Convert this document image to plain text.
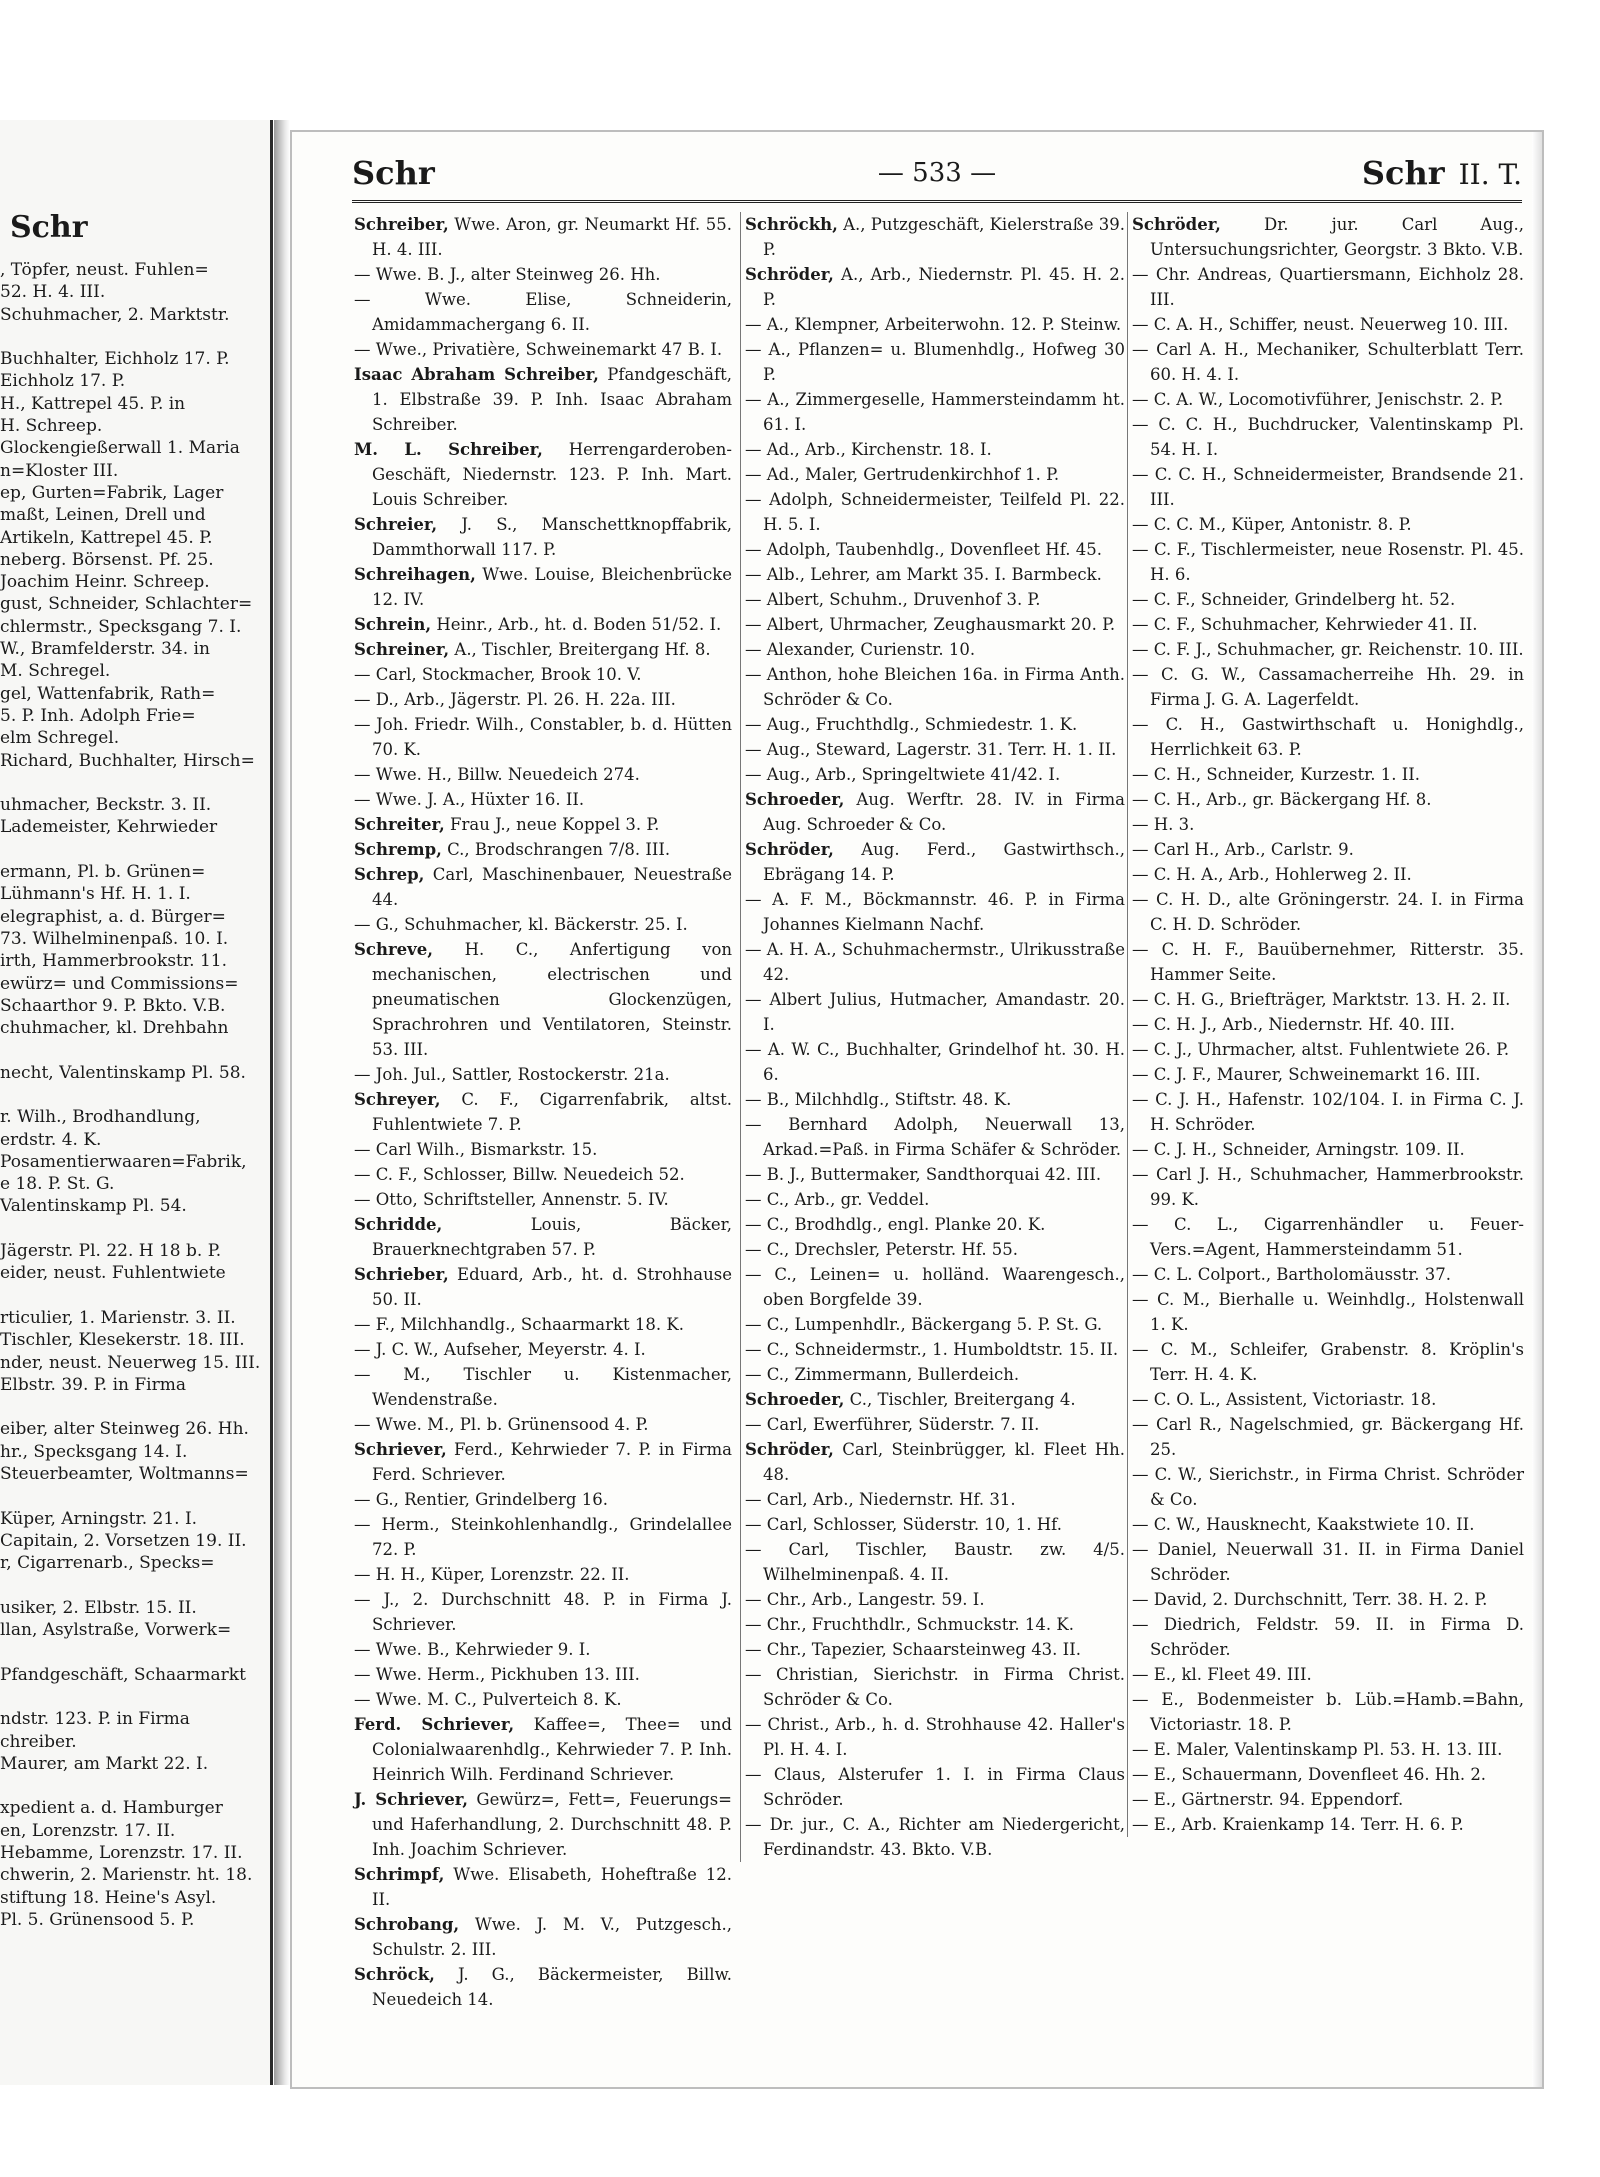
Schr
, Töpfer, neust. Fuhlen=
52. H. 4. III.
Schuhmacher, 2. Marktstr.

Buchhalter, Eichholz 17. P.
Eichholz 17. P.
H., Kattrepel 45. P. in
H. Schreep.
Glockengießerwall 1. Maria
n=Kloster III.
ep, Gurten=Fabrik, Lager
maßt, Leinen, Drell und
Artikeln, Kattrepel 45. P.
neberg. Börsenst. Pf. 25.
Joachim Heinr. Schreep.
gust, Schneider, Schlachter=
chlermstr., Specksgang 7. I.
W., Bramfelderstr. 34. in
M. Schregel.
gel, Wattenfabrik, Rath=
5. P. Inh. Adolph Frie=
elm Schregel.
Richard, Buchhalter, Hirsch=

uhmacher, Beckstr. 3. II.
Lademeister, Kehrwieder

ermann, Pl. b. Grünen=
Lühmann's Hf. H. 1. I.
elegraphist, a. d. Bürger=
73. Wilhelminenpaß. 10. I.
irth, Hammerbrookstr. 11.
ewürz= und Commissions=
Schaarthor 9. P. Bkto. V.B.
chuhmacher, kl. Drehbahn

necht, Valentinskamp Pl. 58.

r. Wilh., Brodhandlung,
erdstr. 4. K.
Posamentierwaaren=Fabrik,
e 18. P. St. G.
Valentinskamp Pl. 54.

Jägerstr. Pl. 22. H 18 b. P.
eider, neust. Fuhlentwiete

rticulier, 1. Marienstr. 3. II.
Tischler, Klesekerstr. 18. III.
nder, neust. Neuerweg 15. III.
Elbstr. 39. P. in Firma

eiber, alter Steinweg 26. Hh.
hr., Specksgang 14. I.
Steuerbeamter, Woltmanns=

Küper, Arningstr. 21. I.
Capitain, 2. Vorsetzen 19. II.
r, Cigarrenarb., Specks=

usiker, 2. Elbstr. 15. II.
llan, Asylstraße, Vorwerk=

Pfandgeschäft, Schaarmarkt

ndstr. 123. P. in Firma
chreiber.
Maurer, am Markt 22. I.

xpedient a. d. Hamburger
en, Lorenzstr. 17. II.
Hebamme, Lorenzstr. 17. II.
chwerin, 2. Marienstr. ht. 18.
stiftung 18. Heine's Asyl.
Pl. 5. Grünensood 5. P.
Schr	— 533 —	Schr II. T.

Schreiber, Wwe. Aron, gr. Neumarkt Hf. 55. H. 4. III.

— Wwe. B. J., alter Steinweg 26. Hh.

— Wwe. Elise, Schneiderin, Amidammachergang 6. II.

— Wwe., Privatière, Schweinemarkt 47 B. I.

Isaac Abraham Schreiber, Pfandgeschäft, 1. Elbstraße 39. P. Inh. Isaac Abraham Schreiber.

M. L. Schreiber, Herrengarderoben-Geschäft, Niedernstr. 123. P. Inh. Mart. Louis Schreiber.

Schreier, J. S., Manschettknopffabrik, Dammthorwall 117. P.

Schreihagen, Wwe. Louise, Bleichenbrücke 12. IV.

Schrein, Heinr., Arb., ht. d. Boden 51/52. I.

Schreiner, A., Tischler, Breitergang Hf. 8.

— Carl, Stockmacher, Brook 10. V.

— D., Arb., Jägerstr. Pl. 26. H. 22a. III.

— Joh. Friedr. Wilh., Constabler, b. d. Hütten 70. K.

— Wwe. H., Billw. Neuedeich 274.

— Wwe. J. A., Hüxter 16. II.

Schreiter, Frau J., neue Koppel 3. P.

Schremp, C., Brodschrangen 7/8. III.

Schrep, Carl, Maschinenbauer, Neuestraße 44.

— G., Schuhmacher, kl. Bäckerstr. 25. I.

Schreve, H. C., Anfertigung von mechanischen, electrischen und pneumatischen Glockenzügen, Sprachrohren und Ventilatoren, Steinstr. 53. III.

— Joh. Jul., Sattler, Rostockerstr. 21a.

Schreyer, C. F., Cigarrenfabrik, altst. Fuhlentwiete 7. P.

— Carl Wilh., Bismarkstr. 15.

— C. F., Schlosser, Billw. Neuedeich 52.

— Otto, Schriftsteller, Annenstr. 5. IV.

Schridde, Louis, Bäcker, Brauerknechtgraben 57. P.

Schrieber, Eduard, Arb., ht. d. Strohhause 50. II.

— F., Milchhandlg., Schaarmarkt 18. K.

— J. C. W., Aufseher, Meyerstr. 4. I.

— M., Tischler u. Kistenmacher, Wendenstraße.

— Wwe. M., Pl. b. Grünensood 4. P.

Schriever, Ferd., Kehrwieder 7. P. in Firma Ferd. Schriever.

— G., Rentier, Grindelberg 16.

— Herm., Steinkohlenhandlg., Grindelallee 72. P.

— H. H., Küper, Lorenzstr. 22. II.

— J., 2. Durchschnitt 48. P. in Firma J. Schriever.

— Wwe. B., Kehrwieder 9. I.

— Wwe. Herm., Pickhuben 13. III.

— Wwe. M. C., Pulverteich 8. K.

Ferd. Schriever, Kaffee=, Thee= und Colonialwaarenhdlg., Kehrwieder 7. P. Inh. Heinrich Wilh. Ferdinand Schriever.

J. Schriever, Gewürz=, Fett=, Feuerungs= und Haferhandlung, 2. Durchschnitt 48. P. Inh. Joachim Schriever.

Schrimpf, Wwe. Elisabeth, Hoheftraße 12. II.

Schrobang, Wwe. J. M. V., Putzgesch., Schulstr. 2. III.

Schröck, J. G., Bäckermeister, Billw. Neuedeich 14.

Schröckh, A., Putzgeschäft, Kielerstraße 39. P.

Schröder, A., Arb., Niedernstr. Pl. 45. H. 2. P.

— A., Klempner, Arbeiterwohn. 12. P. Steinw.

— A., Pflanzen= u. Blumenhdlg., Hofweg 30 P.

— A., Zimmergeselle, Hammersteindamm ht. 61. I.

— Ad., Arb., Kirchenstr. 18. I.

— Ad., Maler, Gertrudenkirchhof 1. P.

— Adolph, Schneidermeister, Teilfeld Pl. 22. H. 5. I.

— Adolph, Taubenhdlg., Dovenfleet Hf. 45.

— Alb., Lehrer, am Markt 35. I. Barmbeck.

— Albert, Schuhm., Druvenhof 3. P.

— Albert, Uhrmacher, Zeughausmarkt 20. P.

— Alexander, Curienstr. 10.

— Anthon, hohe Bleichen 16a. in Firma Anth. Schröder & Co.

— Aug., Fruchthdlg., Schmiedestr. 1. K.

— Aug., Steward, Lagerstr. 31. Terr. H. 1. II.

— Aug., Arb., Springeltwiete 41/42. I.

Schroeder, Aug. Werftr. 28. IV. in Firma Aug. Schroeder & Co.

Schröder, Aug. Ferd., Gastwirthsch., Ebrägang 14. P.

— A. F. M., Böckmannstr. 46. P. in Firma Johannes Kielmann Nachf.

— A. H. A., Schuhmachermstr., Ulrikusstraße 42.

— Albert Julius, Hutmacher, Amandastr. 20. I.

— A. W. C., Buchhalter, Grindelhof ht. 30. H. 6.

— B., Milchhdlg., Stiftstr. 48. K.

— Bernhard Adolph, Neuerwall 13, Arkad.=Paß. in Firma Schäfer & Schröder.

— B. J., Buttermaker, Sandthorquai 42. III.

— C., Arb., gr. Veddel.

— C., Brodhdlg., engl. Planke 20. K.

— C., Drechsler, Peterstr. Hf. 55.

— C., Leinen= u. holländ. Waarengesch., oben Borgfelde 39.

— C., Lumpenhdlr., Bäckergang 5. P. St. G.

— C., Schneidermstr., 1. Humboldtstr. 15. II.

— C., Zimmermann, Bullerdeich.

Schroeder, C., Tischler, Breitergang 4.

— Carl, Ewerführer, Süderstr. 7. II.

Schröder, Carl, Steinbrügger, kl. Fleet Hh. 48.

— Carl, Arb., Niedernstr. Hf. 31.

— Carl, Schlosser, Süderstr. 10, 1. Hf.

— Carl, Tischler, Baustr. zw. 4/5. Wilhelminenpaß. 4. II.

— Chr., Arb., Langestr. 59. I.

— Chr., Fruchthdlr., Schmuckstr. 14. K.

— Chr., Tapezier, Schaarsteinweg 43. II.

— Christian, Sierichstr. in Firma Christ. Schröder & Co.

— Christ., Arb., h. d. Strohhause 42. Haller's Pl. H. 4. I.

— Claus, Alsterufer 1. I. in Firma Claus Schröder.

— Dr. jur., C. A., Richter am Niedergericht, Ferdinandstr. 43. Bkto. V.B.

Schröder, Dr. jur. Carl Aug., Untersuchungsrichter, Georgstr. 3 Bkto. V.B.

— Chr. Andreas, Quartiersmann, Eichholz 28. III.

— C. A. H., Schiffer, neust. Neuerweg 10. III.

— Carl A. H., Mechaniker, Schulterblatt Terr. 60. H. 4. I.

— C. A. W., Locomotivführer, Jenischstr. 2. P.

— C. C. H., Buchdrucker, Valentinskamp Pl. 54. H. I.

— C. C. H., Schneidermeister, Brandsende 21. III.

— C. C. M., Küper, Antonistr. 8. P.

— C. F., Tischlermeister, neue Rosenstr. Pl. 45. H. 6.

— C. F., Schneider, Grindelberg ht. 52.

— C. F., Schuhmacher, Kehrwieder 41. II.

— C. F. J., Schuhmacher, gr. Reichenstr. 10. III.

— C. G. W., Cassamacherreihe Hh. 29. in Firma J. G. A. Lagerfeldt.

— C. H., Gastwirthschaft u. Honighdlg., Herrlichkeit 63. P.

— C. H., Schneider, Kurzestr. 1. II.

— C. H., Arb., gr. Bäckergang Hf. 8.

— H. 3.

— Carl H., Arb., Carlstr. 9.

— C. H. A., Arb., Hohlerweg 2. II.

— C. H. D., alte Gröningerstr. 24. I. in Firma C. H. D. Schröder.

— C. H. F., Bauübernehmer, Ritterstr. 35. Hammer Seite.

— C. H. G., Briefträger, Marktstr. 13. H. 2. II.

— C. H. J., Arb., Niedernstr. Hf. 40. III.

— C. J., Uhrmacher, altst. Fuhlentwiete 26. P.

— C. J. F., Maurer, Schweinemarkt 16. III.

— C. J. H., Hafenstr. 102/104. I. in Firma C. J. H. Schröder.

— C. J. H., Schneider, Arningstr. 109. II.

— Carl J. H., Schuhmacher, Hammerbrookstr. 99. K.

— C. L., Cigarrenhändler u. Feuer-Vers.=Agent, Hammersteindamm 51.

— C. L. Colport., Bartholomäusstr. 37.

— C. M., Bierhalle u. Weinhdlg., Holstenwall 1. K.

— C. M., Schleifer, Grabenstr. 8. Kröplin's Terr. H. 4. K.

— C. O. L., Assistent, Victoriastr. 18.

— Carl R., Nagelschmied, gr. Bäckergang Hf. 25.

— C. W., Sierichstr., in Firma Christ. Schröder & Co.

— C. W., Hausknecht, Kaakstwiete 10. II.

— Daniel, Neuerwall 31. II. in Firma Daniel Schröder.

— David, 2. Durchschnitt, Terr. 38. H. 2. P.

— Diedrich, Feldstr. 59. II. in Firma D. Schröder.

— E., kl. Fleet 49. III.

— E., Bodenmeister b. Lüb.=Hamb.=Bahn, Victoriastr. 18. P.

— E. Maler, Valentinskamp Pl. 53. H. 13. III.

— E., Schauermann, Dovenfleet 46. Hh. 2.

— E., Gärtnerstr. 94. Eppendorf.

— E., Arb. Kraienkamp 14. Terr. H. 6. P.
